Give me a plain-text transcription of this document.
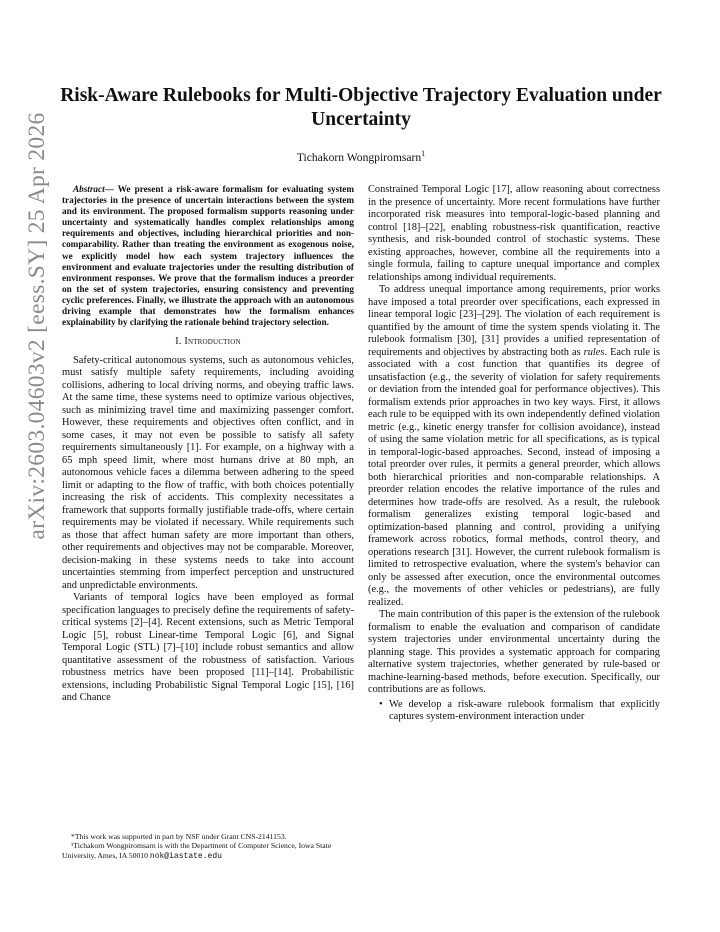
arXiv:2603.04603v2 [eess.SY] 25 Apr 2026
Risk-Aware Rulebooks for Multi-Objective Trajectory Evaluation under Uncertainty
Tichakorn Wongpiromsarn$^1$

Abstract— We present a risk-aware formalism for evaluating system trajectories in the presence of uncertain interactions between the system and its environment. The proposed formalism supports reasoning under uncertainty and systematically handles complex relationships among requirements and objectives, including hierarchical priorities and non-comparability. Rather than treating the environment as exogenous noise, we explicitly model how each system trajectory influences the environment and evaluate trajectories under the resulting distribution of environment responses. We prove that the formalism induces a preorder on the set of system trajectories, ensuring consistency and preventing cyclic preferences. Finally, we illustrate the approach with an autonomous driving example that demonstrates how the formalism enhances explainability by clarifying the rationale behind trajectory selection.

I. Introduction

Safety-critical autonomous systems, such as autonomous vehicles, must satisfy multiple safety requirements, including avoiding collisions, adhering to local driving norms, and obeying traffic laws. At the same time, these systems need to optimize various objectives, such as minimizing travel time and maximizing passenger comfort. However, these requirements and objectives often conflict, and in some cases, it may not even be possible to satisfy all safety requirements simultaneously [1]. For example, on a highway with a 65 mph speed limit, where most humans drive at 80 mph, an autonomous vehicle faces a dilemma between adhering to the speed limit or adapting to the flow of traffic, with both choices potentially increasing the risk of accidents. This complexity necessitates a framework that supports formally justifiable trade-offs, where certain requirements may be violated if necessary. While requirements such as those that affect human safety are more important than others, other requirements and objectives may not be comparable. Moreover, decision-making in these systems needs to take into account uncertainties stemming from imperfect perception and unstructured and unpredictable environments.

Variants of temporal logics have been employed as formal specification languages to precisely define the requirements of safety-critical systems [2]–[4]. Recent extensions, such as Metric Temporal Logic [5], robust Linear-time Temporal Logic [6], and Signal Temporal Logic (STL) [7]–[10] include robust semantics and allow quantitative assessment of the robustness of satisfaction. Various robustness metrics have been proposed [11]–[14]. Probabilistic extensions, including Probabilistic Signal Temporal Logic [15], [16] and Chance

*This work was supported in part by NSF under Grant CNS-2141153.

¹Tichakorn Wongpiromsarn is with the Department of Computer Science, Iowa State University, Ames, IA 50010 nok@iastate.edu

Constrained Temporal Logic [17], allow reasoning about correctness in the presence of uncertainty. More recent formulations have further incorporated risk measures into temporal-logic-based planning and control [18]–[22], enabling robustness-risk quantification, reactive synthesis, and risk-bounded control of stochastic systems. These existing approaches, however, combine all the requirements into a single formula, failing to capture unequal importance and complex relationships among individual requirements.

To address unequal importance among requirements, prior works have imposed a total preorder over specifications, each expressed in linear temporal logic [23]–[29]. The violation of each requirement is quantified by the amount of time the system spends violating it. The rulebook formalism [30], [31] provides a unified representation of requirements and objectives by abstracting both as rules. Each rule is associated with a cost function that quantifies its degree of unsatisfaction (e.g., the severity of violation for safety requirements or deviation from the intended goal for performance objectives). This formalism extends prior approaches in two key ways. First, it allows each rule to be equipped with its own independently defined violation metric (e.g., kinetic energy transfer for collision avoidance), instead of using the same violation metric for all specifications, as is typical in temporal-logic-based approaches. Second, instead of imposing a total preorder over rules, it permits a general preorder, which allows both hierarchical priorities and non-comparable relationships. A preorder relation encodes the relative importance of the rules and determines how trade-offs are resolved. As a result, the rulebook formalism generalizes existing temporal logic-based and optimization-based planning and control, providing a unifying framework across robotics, formal methods, control theory, and operations research [31]. However, the current rulebook formalism is limited to retrospective evaluation, where the system's behavior can only be assessed after execution, once the environmental outcomes (e.g., the movements of other vehicles or pedestrians), are fully realized.

The main contribution of this paper is the extension of the rulebook formalism to enable the evaluation and comparison of candidate system trajectories under environmental uncertainty during the planning stage. This provides a systematic approach for comparing alternative system trajectories, whether generated by rule-based or machine-learning-based methods, before execution. Specifically, our contributions are as follows.

• We develop a risk-aware rulebook formalism that explicitly captures system-environment interaction under
